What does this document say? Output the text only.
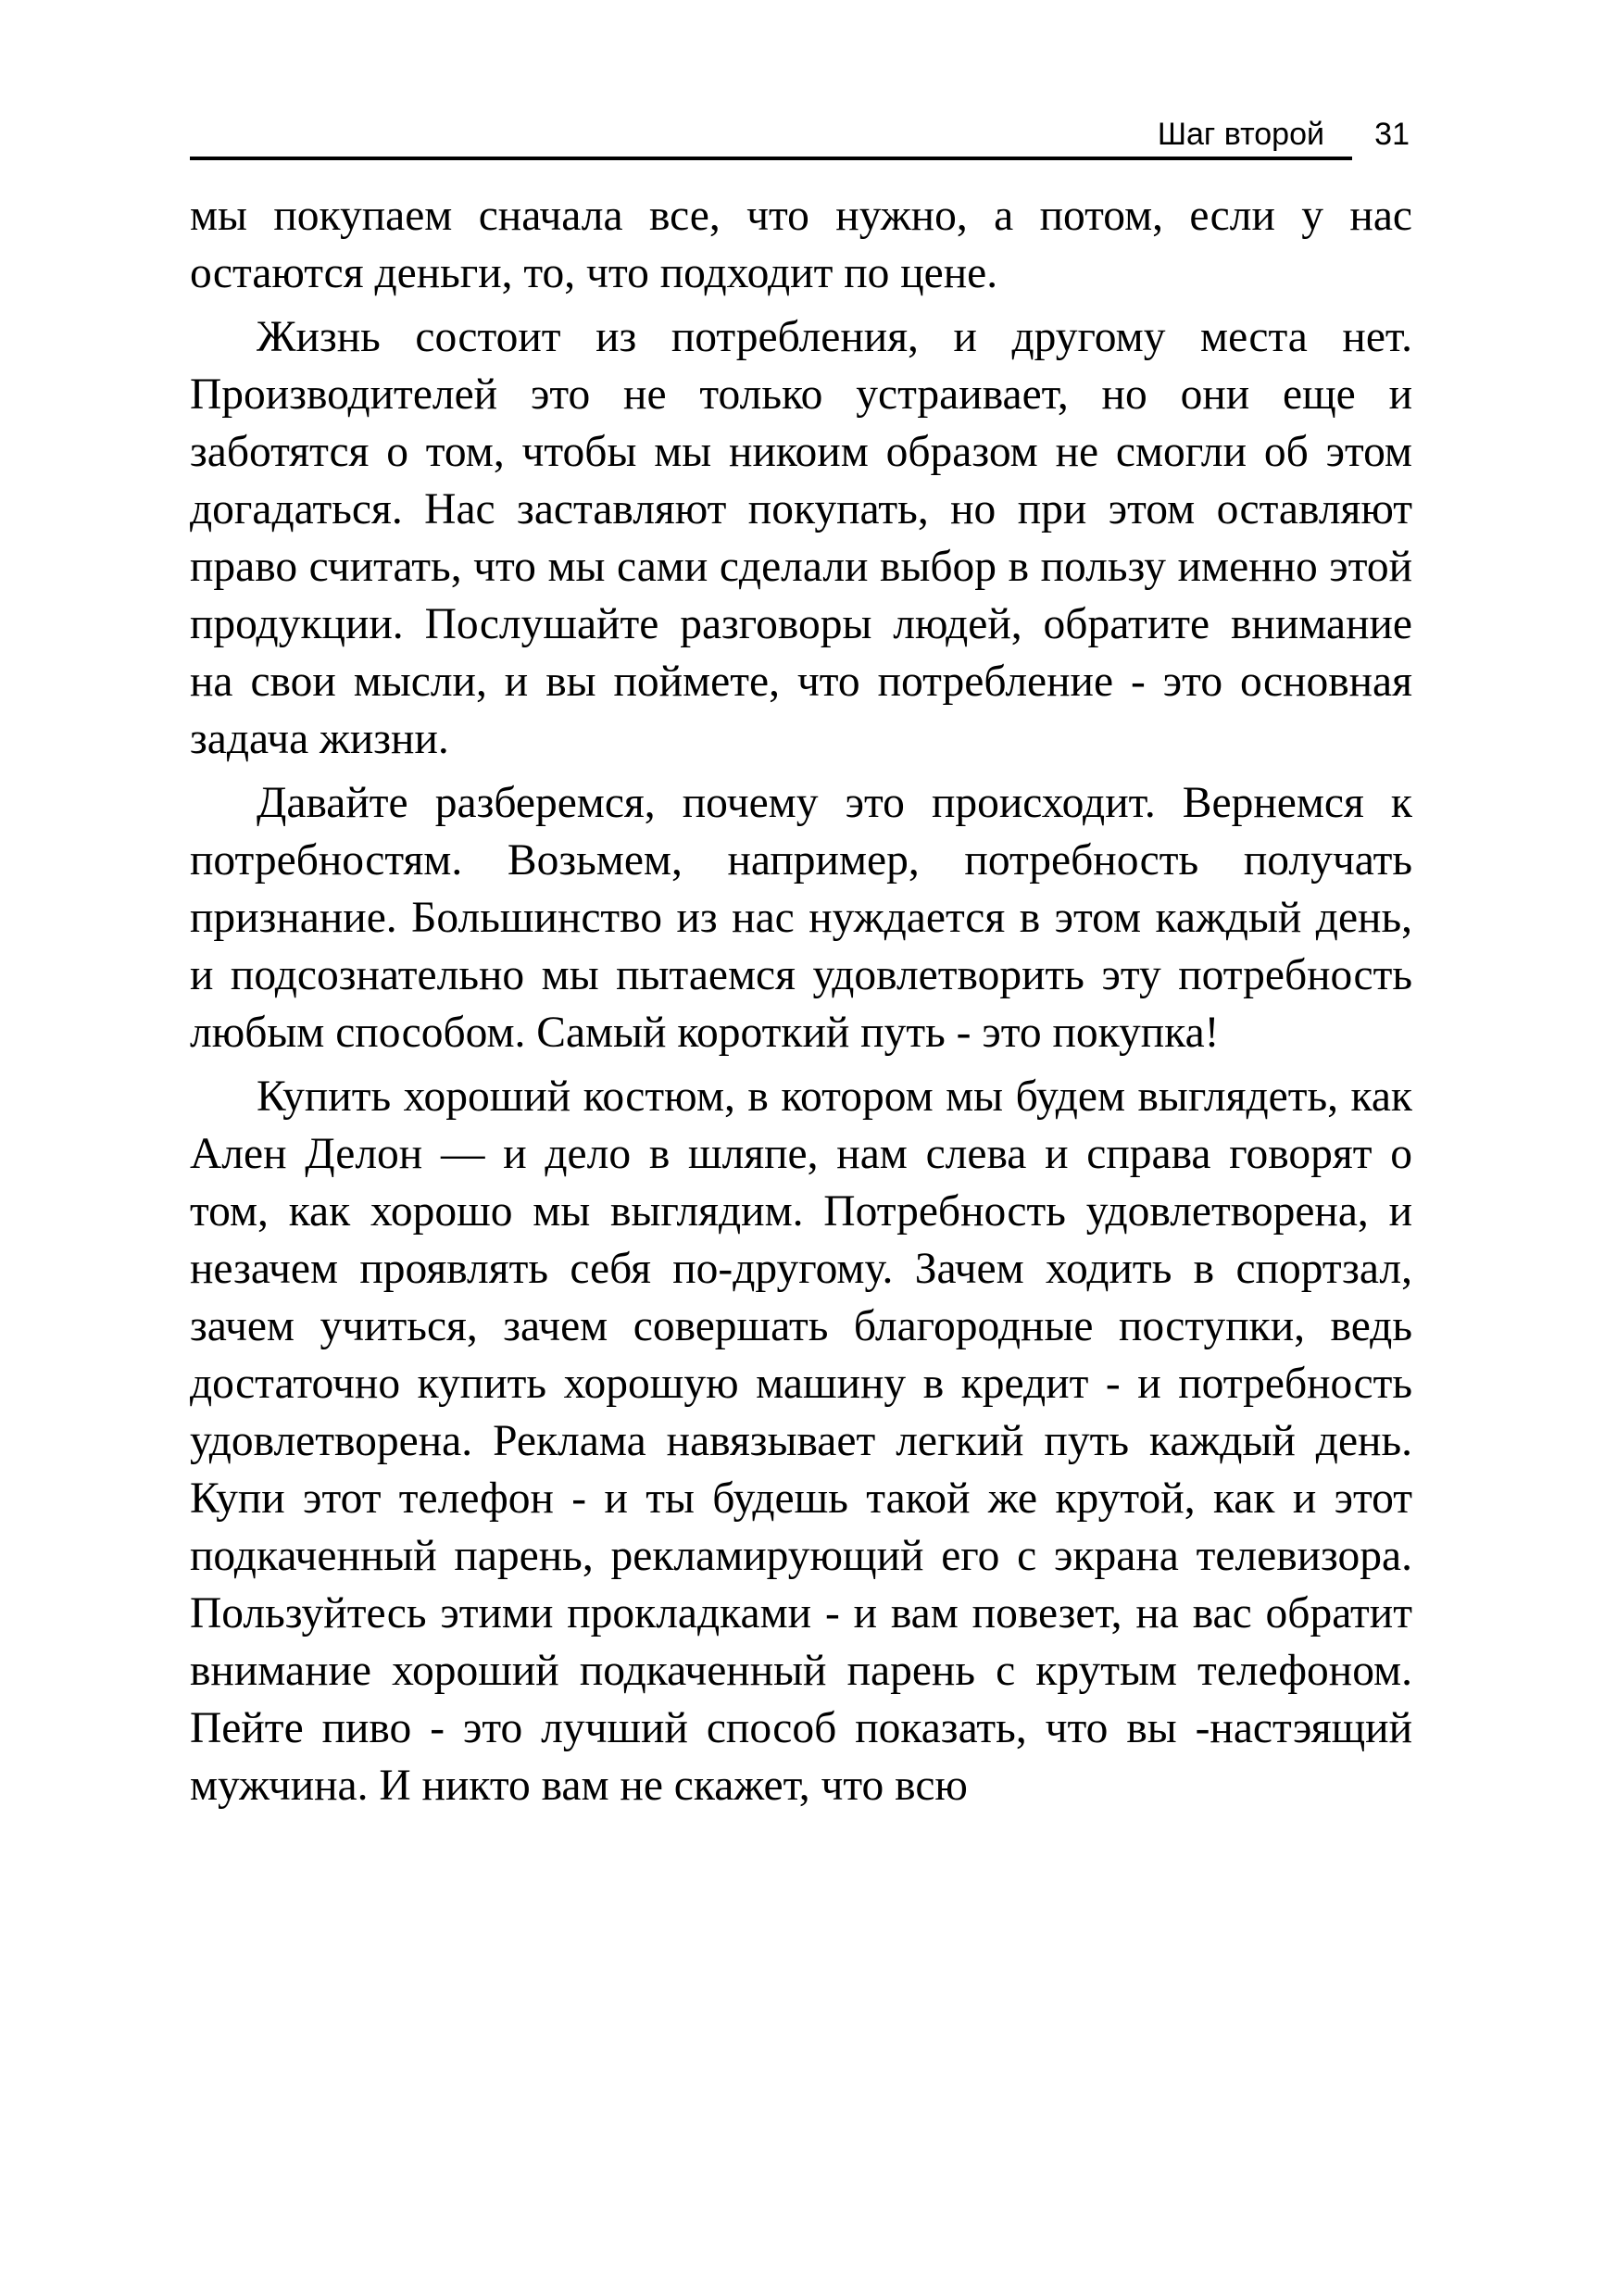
Шаг второй 31

мы покупаем сначала все, что нужно, а потом, если у нас остаются деньги, то, что подходит по цене.

Жизнь состоит из потребления, и другому места нет. Производителей это не только устраивает, но они еще и заботятся о том, чтобы мы никоим образом не смогли об этом догадаться. Нас заставляют покупать, но при этом оставляют право считать, что мы сами сделали выбор в пользу именно этой продукции. Послушайте разговоры людей, обратите внимание на свои мысли, и вы поймете, что потребление - это основная задача жизни.

Давайте разберемся, почему это происходит. Вернемся к потребностям. Возьмем, например, потребность получать признание. Большинство из нас нуждается в этом каждый день, и подсознательно мы пытаемся удовлетворить эту потребность любым способом. Самый короткий путь - это покупка!

Купить хороший костюм, в котором мы будем выглядеть, как Ален Делон — и дело в шляпе, нам слева и справа говорят о том, как хорошо мы выглядим. Потребность удовлетворена, и незачем проявлять себя по-другому. Зачем ходить в спортзал, зачем учиться, зачем совершать благородные поступки, ведь достаточно купить хорошую машину в кредит - и потребность удовлетворена. Реклама навязывает легкий путь каждый день. Купи этот телефон - и ты будешь такой же крутой, как и этот подкаченный парень, рекламирующий его с экрана телевизора. Пользуйтесь этими прокладками - и вам повезет, на вас обратит внимание хороший подкаченный парень с крутым телефоном. Пейте пиво - это лучший способ показать, что вы -настэящий мужчина. И никто вам не скажет, что всю
